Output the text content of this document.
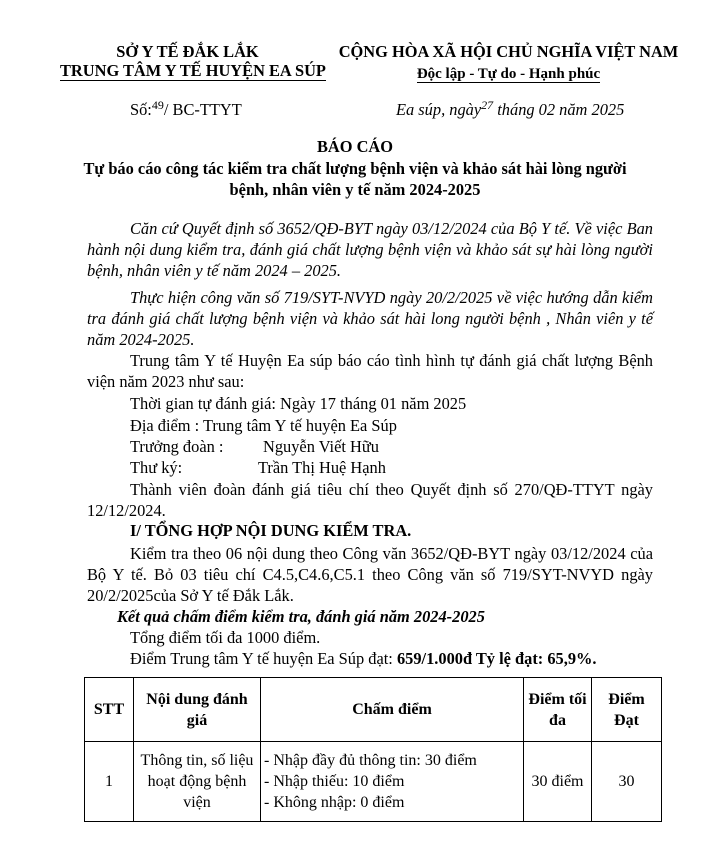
SỞ Y TẾ ĐẮK LẮK
TRUNG TÂM Y TẾ HUYỆN EA SÚP
CỘNG HÒA XÃ HỘI CHỦ NGHĨA VIỆT NAM
Độc lập - Tự do - Hạnh phúc
Số:$^{49}$/ BC-TTYT	Ea súp, ngày$^{27}$ tháng 02 năm 2025
BÁO CÁO
Tự báo cáo công tác kiểm tra chất lượng bệnh viện và khảo sát hài lòng người
bệnh, nhân viên y tế năm 2024-2025

Căn cứ Quyết định số 3652/QĐ-BYT ngày 03/12/2024 của Bộ Y tế. Về việc Ban hành nội dung kiểm tra, đánh giá chất lượng bệnh viện và khảo sát sự hài lòng người bệnh, nhân viên y tế năm 2024 – 2025.

Thực hiện công văn số 719/SYT-NVYD ngày 20/2/2025 về việc hướng dẫn kiểm tra đánh giá chất lượng bệnh viện và khảo sát hài long người bệnh , Nhân viên y tế năm 2024-2025.

Trung tâm Y tế Huyện Ea súp báo cáo tình hình tự đánh giá chất lượng Bệnh viện năm 2023 như sau:

Thời gian tự đánh giá: Ngày 17 tháng 01 năm 2025
Địa điểm : Trung tâm Y tế huyện Ea Súp
Trưởng đoàn : Nguyễn Viết Hữu
Thư ký:	Trần Thị Huệ Hạnh

Thành viên đoàn đánh giá tiêu chí theo Quyết định số 270/QĐ-TTYT ngày 12/12/2024.

I/ TỔNG HỢP NỘI DUNG KIỂM TRA.

Kiểm tra theo 06 nội dung theo Công văn 3652/QĐ-BYT ngày 03/12/2024 của Bộ Y tế. Bỏ 03 tiêu chí C4.5,C4.6,C5.1 theo Công văn số 719/SYT-NVYD ngày 20/2/2025của Sở Y tế Đắk Lắk.

Kết quả chấm điểm kiểm tra, đánh giá năm 2024-2025
Tổng điểm tối đa 1000 điểm.
Điểm Trung tâm Y tế huyện Ea Súp đạt: 659/1.000đ Tỷ lệ đạt: 65,9%.
STT	Nội dung đánh giá	Chấm điểm	Điểm tối đa	Điểm Đạt
1	Thông tin, số liệu hoạt động bệnh viện	- Nhập đầy đủ thông tin: 30 điểm
- Nhập thiếu: 10 điểm
- Không nhập: 0 điểm	30 điểm	30
